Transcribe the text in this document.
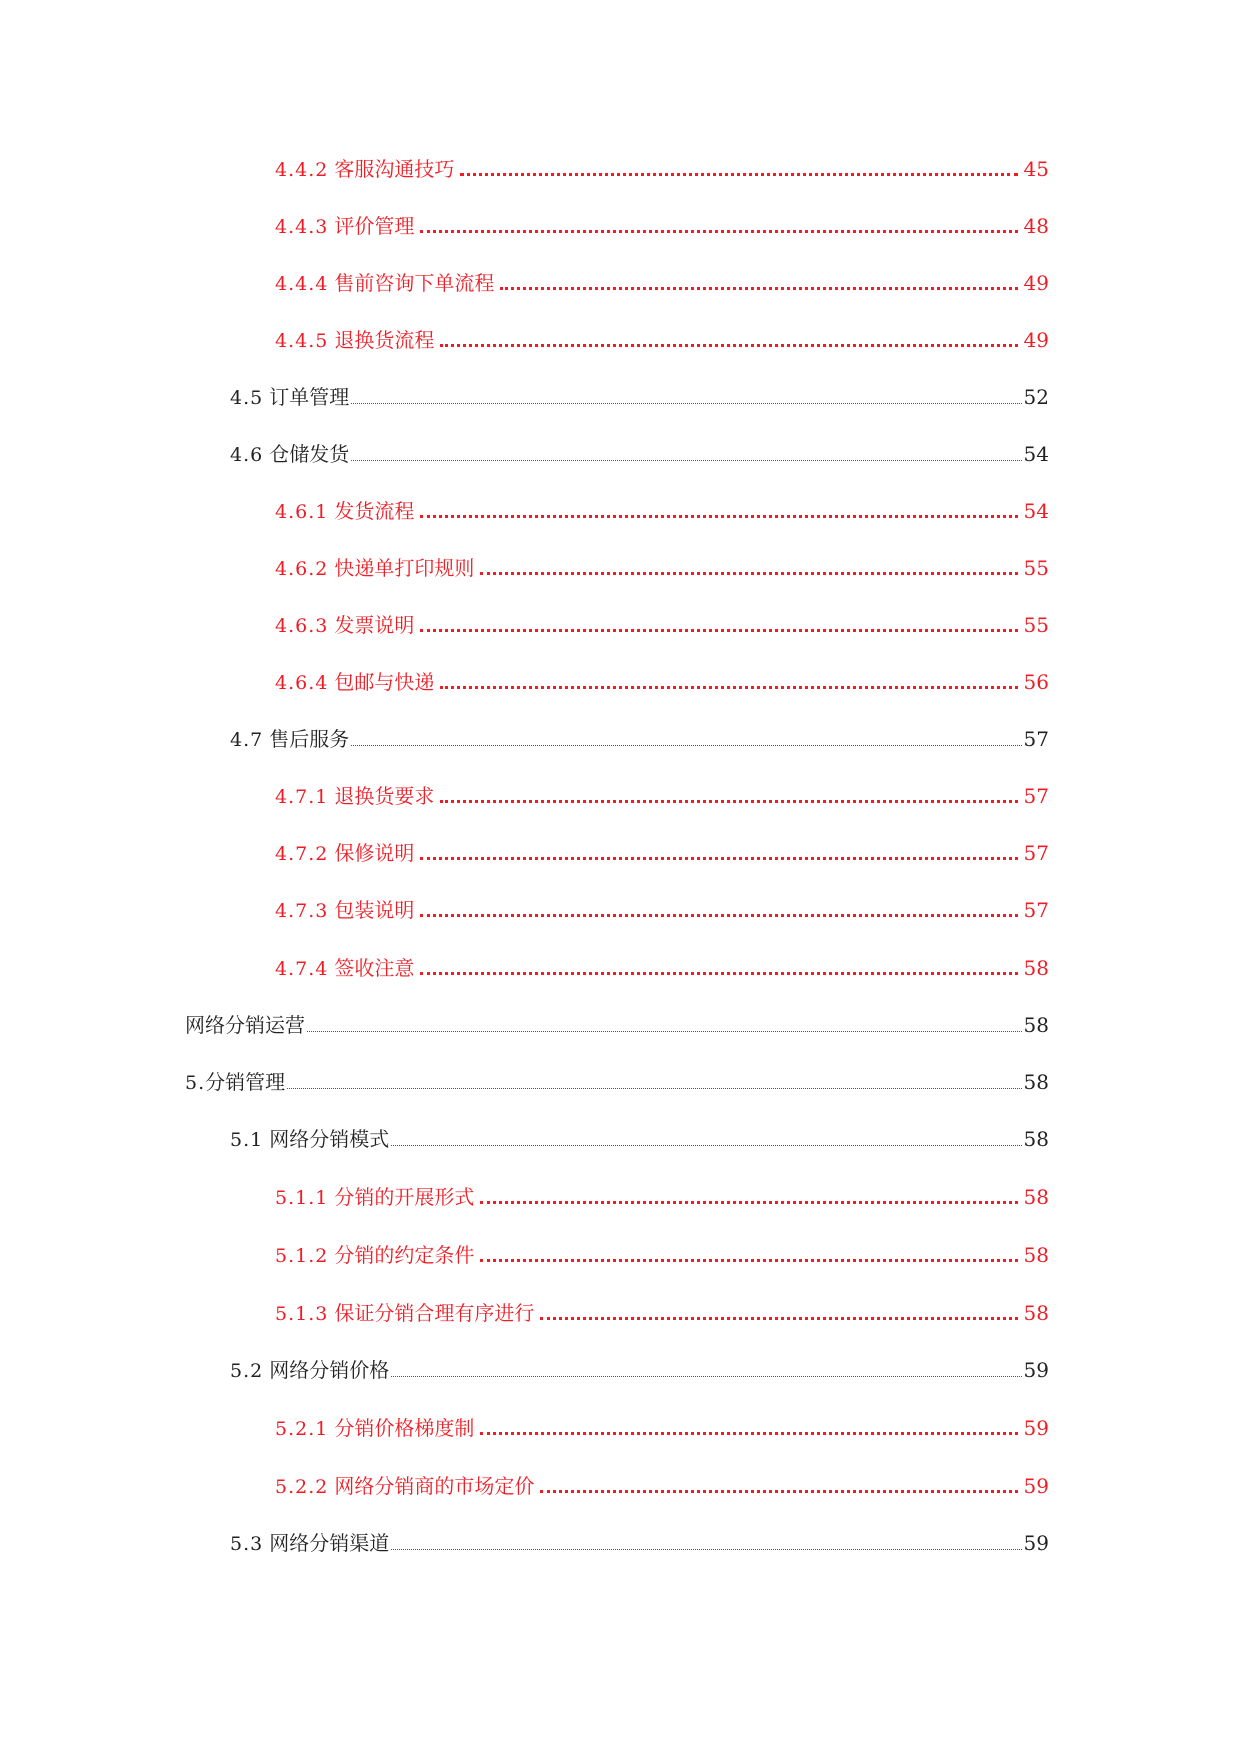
4.4.2 客服沟通技巧	45
4.4.3 评价管理	48
4.4.4 售前咨询下单流程	49
4.4.5 退换货流程	49
4.5 订单管理	52
4.6 仓储发货	54
4.6.1 发货流程	54
4.6.2 快递单打印规则	55
4.6.3 发票说明	55
4.6.4 包邮与快递	56
4.7 售后服务	57
4.7.1 退换货要求	57
4.7.2 保修说明	57
4.7.3 包装说明	57
4.7.4 签收注意	58
网络分销运营	58
5. 分销管理	58
5.1 网络分销模式	58
5.1.1 分销的开展形式	58
5.1.2 分销的约定条件	58
5.1.3 保证分销合理有序进行	58
5.2 网络分销价格	59
5.2.1 分销价格梯度制	59
5.2.2 网络分销商的市场定价	59
5.3 网络分销渠道	59
